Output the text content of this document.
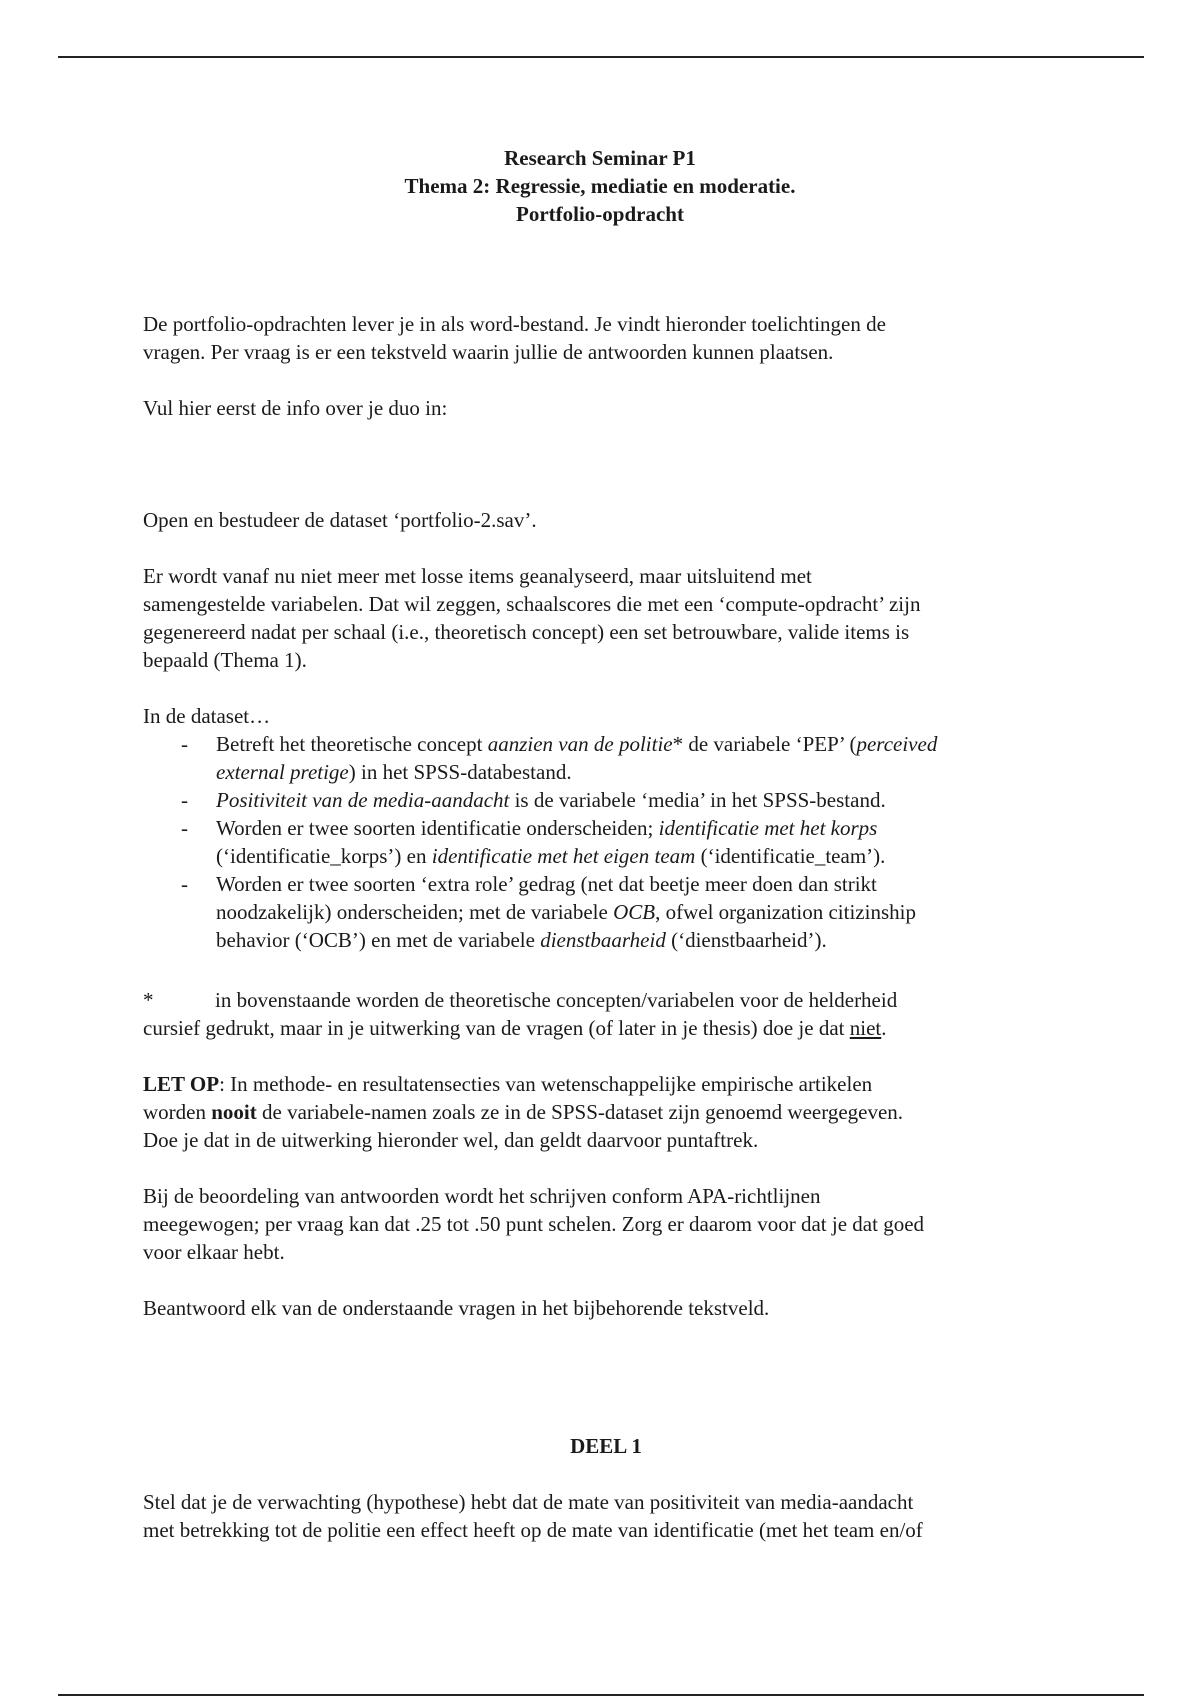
Research Seminar P1
Thema 2: Regressie, mediatie en moderatie.
Portfolio-opdracht

De portfolio-opdrachten lever je in als word-bestand. Je vindt hieronder toelichtingen de

vragen. Per vraag is er een tekstveld waarin jullie de antwoorden kunnen plaatsen.

Vul hier eerst de info over je duo in:

Open en bestudeer de dataset ‘portfolio-2.sav’.

Er wordt vanaf nu niet meer met losse items geanalyseerd, maar uitsluitend met

samengestelde variabelen. Dat wil zeggen, schaalscores die met een ‘compute-opdracht’ zijn

gegenereerd nadat per schaal (i.e., theoretisch concept) een set betrouwbare, valide items is

bepaald (Thema 1).

In de dataset…

- Betreft het theoretische concept aanzien van de politie* de variabele ‘PEP’ (perceived
external pretige) in het SPSS-databestand.
- Positiviteit van de media-aandacht is de variabele ‘media’ in het SPSS-bestand.
- Worden er twee soorten identificatie onderscheiden; identificatie met het korps
(‘identificatie_korps’) en identificatie met het eigen team (‘identificatie_team’).
- Worden er twee soorten ‘extra role’ gedrag (net dat beetje meer doen dan strikt
noodzakelijk) onderscheiden; met de variabele OCB, ofwel organization citizinship
behavior (‘OCB’) en met de variabele dienstbaarheid (‘dienstbaarheid’).

*	in bovenstaande worden de theoretische concepten/variabelen voor de helderheid

cursief gedrukt, maar in je uitwerking van de vragen (of later in je thesis) doe je dat niet.

LET OP: In methode- en resultatensecties van wetenschappelijke empirische artikelen

worden nooit de variabele-namen zoals ze in de SPSS-dataset zijn genoemd weergegeven.

Doe je dat in de uitwerking hieronder wel, dan geldt daarvoor puntaftrek.

Bij de beoordeling van antwoorden wordt het schrijven conform APA-richtlijnen

meegewogen; per vraag kan dat .25 tot .50 punt schelen. Zorg er daarom voor dat je dat goed

voor elkaar hebt.

Beantwoord elk van de onderstaande vragen in het bijbehorende tekstveld.

DEEL 1

Stel dat je de verwachting (hypothese) hebt dat de mate van positiviteit van media-aandacht

met betrekking tot de politie een effect heeft op de mate van identificatie (met het team en/of
